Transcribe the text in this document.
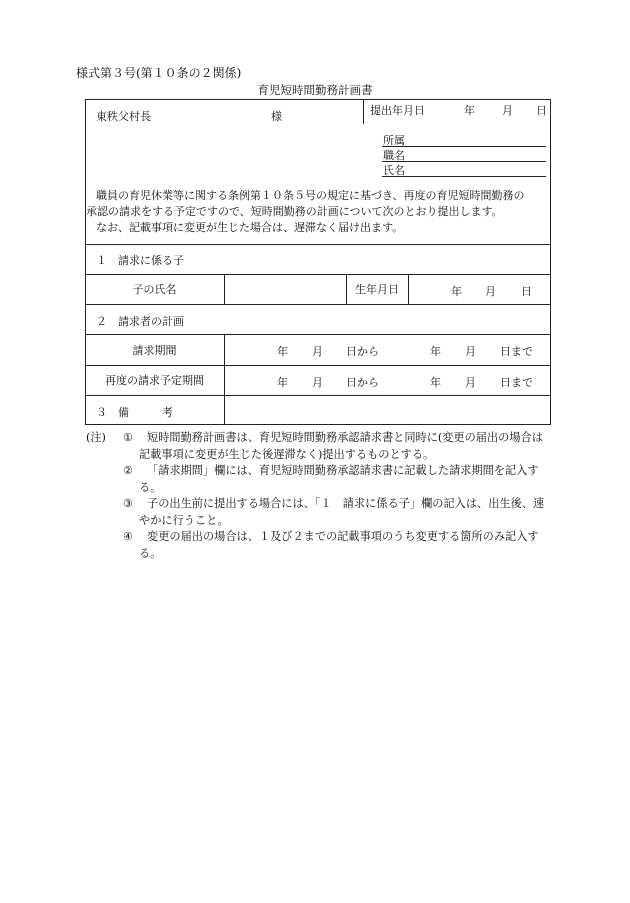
様式第３号(第１０条の２関係)
育児短時間勤務計画書
東秩父村長	様	提出年月日	年 月 日
所属
職名
氏名
職員の育児休業等に関する条例第１０条５号の規定に基づき、再度の育児短時間勤務の
承認の請求をする予定ですので、短時間勤務の計画について次のとおり提出します。
なお、記載事項に変更が生じた場合は、遅滞なく届け出ます。
１　請求に係る子
子の氏名	生年月日	年 月 日
２　請求者の計画
請求期間	年 月 日から	年 月 日まで
再度の請求予定期間	年 月 日から	年 月 日まで
３　備　　　考
(注) ①	短時間勤務計画書は、育児短時間勤務承認請求書と同時に(変更の届出の場合は
記載事項に変更が生じた後遅滞なく)提出するものとする。
②	「請求期間」欄には、育児短時間勤務承認請求書に記載した請求期間を記入す
る。
③	子の出生前に提出する場合には、「１　請求に係る子」欄の記入は、出生後、速
やかに行うこと。
④	変更の届出の場合は、１及び２までの記載事項のうち変更する箇所のみ記入す
る。
